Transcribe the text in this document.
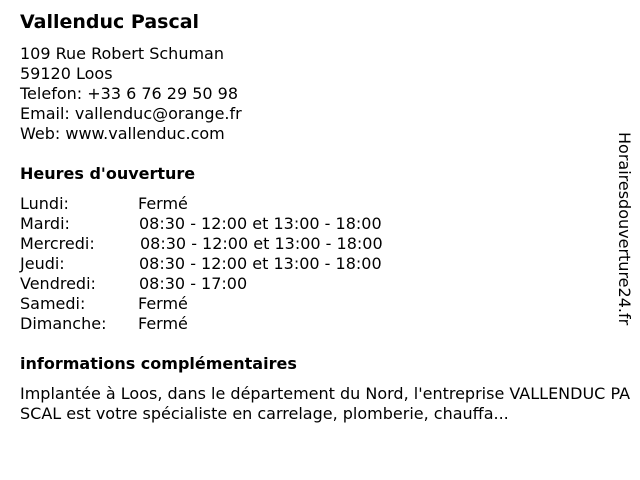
Vallenduc Pascal
109 Rue Robert Schuman
59120 Loos
Telefon: +33 6 76 29 50 98
Email: vallenduc@orange.fr
Web: www.vallenduc.com
Heures d'ouverture
Lundi:	Fermé
Mardi:	08:30 - 12:00 et 13:00 - 18:00
Mercredi:	08:30 - 12:00 et 13:00 - 18:00
Jeudi:	08:30 - 12:00 et 13:00 - 18:00
Vendredi:	08:30 - 17:00
Samedi:	Fermé
Dimanche: Fermé
informations complémentaires
Implantée à Loos, dans le département du Nord, l'entreprise VALLENDUC PASCAL est votre spécialiste en carrelage, plomberie, chauffa...
Horairesdouverture24.fr
